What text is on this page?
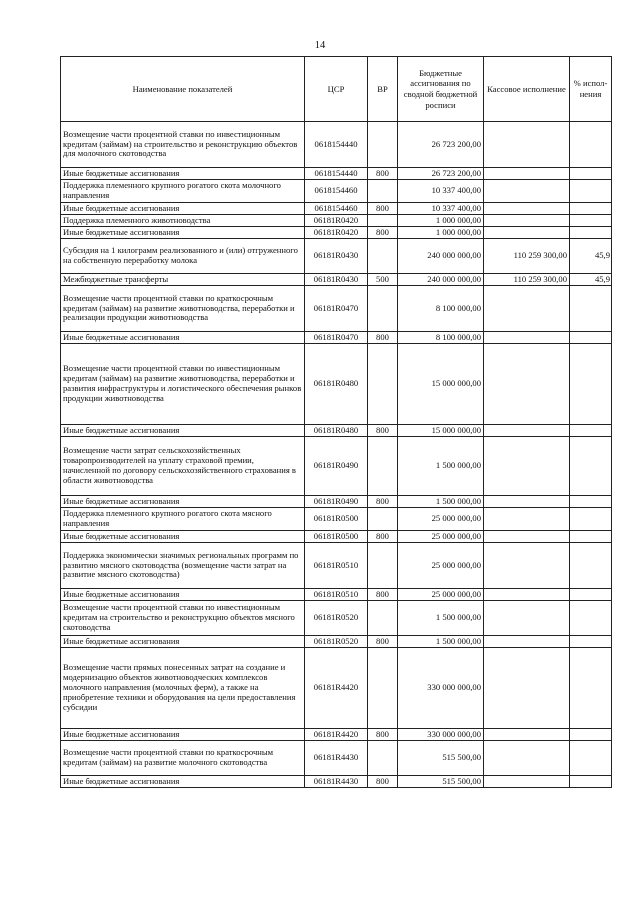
14
Наименование показателей	ЦСР	ВР	Бюджетные ассигнования по сводной бюджетной росписи	Кассовое исполнение	% испол-нения
Возмещение части процентной ставки по инвестиционным кредитам (займам) на строительство и реконструкцию объектов для молочного скотоводства	0618154440		26 723 200,00		
Иные бюджетные ассигнования	0618154440	800	26 723 200,00		
Поддержка племенного крупного рогатого скота молочного направления	0618154460		10 337 400,00		
Иные бюджетные ассигнования	0618154460	800	10 337 400,00		
Поддержка племенного животноводства	06181R0420		1 000 000,00		
Иные бюджетные ассигнования	06181R0420	800	1 000 000,00		
Субсидия на 1 килограмм реализованного и (или) отгруженного на собственную переработку молока	06181R0430		240 000 000,00	110 259 300,00	45,9
Межбюджетные трансферты	06181R0430	500	240 000 000,00	110 259 300,00	45,9
Возмещение части процентной ставки по краткосрочным кредитам (займам) на развитие животноводства, переработки и реализации продукции животноводства	06181R0470		8 100 000,00		
Иные бюджетные ассигнования	06181R0470	800	8 100 000,00		
Возмещение части процентной ставки по инвестиционным кредитам (займам) на развитие животноводства, переработки и развития инфраструктуры и логистического обеспечения рынков продукции животноводства	06181R0480		15 000 000,00		
Иные бюджетные ассигнования	06181R0480	800	15 000 000,00		
Возмещение части затрат сельскохозяйственных товаропроизводителей на уплату страховой премии, начисленной по договору сельскохозяйственного страхования в области животноводства	06181R0490		1 500 000,00		
Иные бюджетные ассигнования	06181R0490	800	1 500 000,00		
Поддержка племенного крупного рогатого скота мясного направления	06181R0500		25 000 000,00		
Иные бюджетные ассигнования	06181R0500	800	25 000 000,00		
Поддержка экономически значимых региональных программ по развитию мясного скотоводства (возмещение части затрат на развитие мясного скотоводства)	06181R0510		25 000 000,00		
Иные бюджетные ассигнования	06181R0510	800	25 000 000,00		
Возмещение части процентной ставки по инвестиционным кредитам на строительство и реконструкцию объектов мясного скотоводства	06181R0520		1 500 000,00		
Иные бюджетные ассигнования	06181R0520	800	1 500 000,00		
Возмещение части прямых понесенных затрат на создание и модернизацию объектов животноводческих комплексов молочного направления (молочных ферм), а также на приобретение техники и оборудования на цели предоставления субсидии	06181R4420		330 000 000,00		
Иные бюджетные ассигнования	06181R4420	800	330 000 000,00		
Возмещение части процентной ставки по краткосрочным кредитам (займам) на развитие молочного скотоводства	06181R4430		515 500,00		
Иные бюджетные ассигнования	06181R4430	800	515 500,00		
